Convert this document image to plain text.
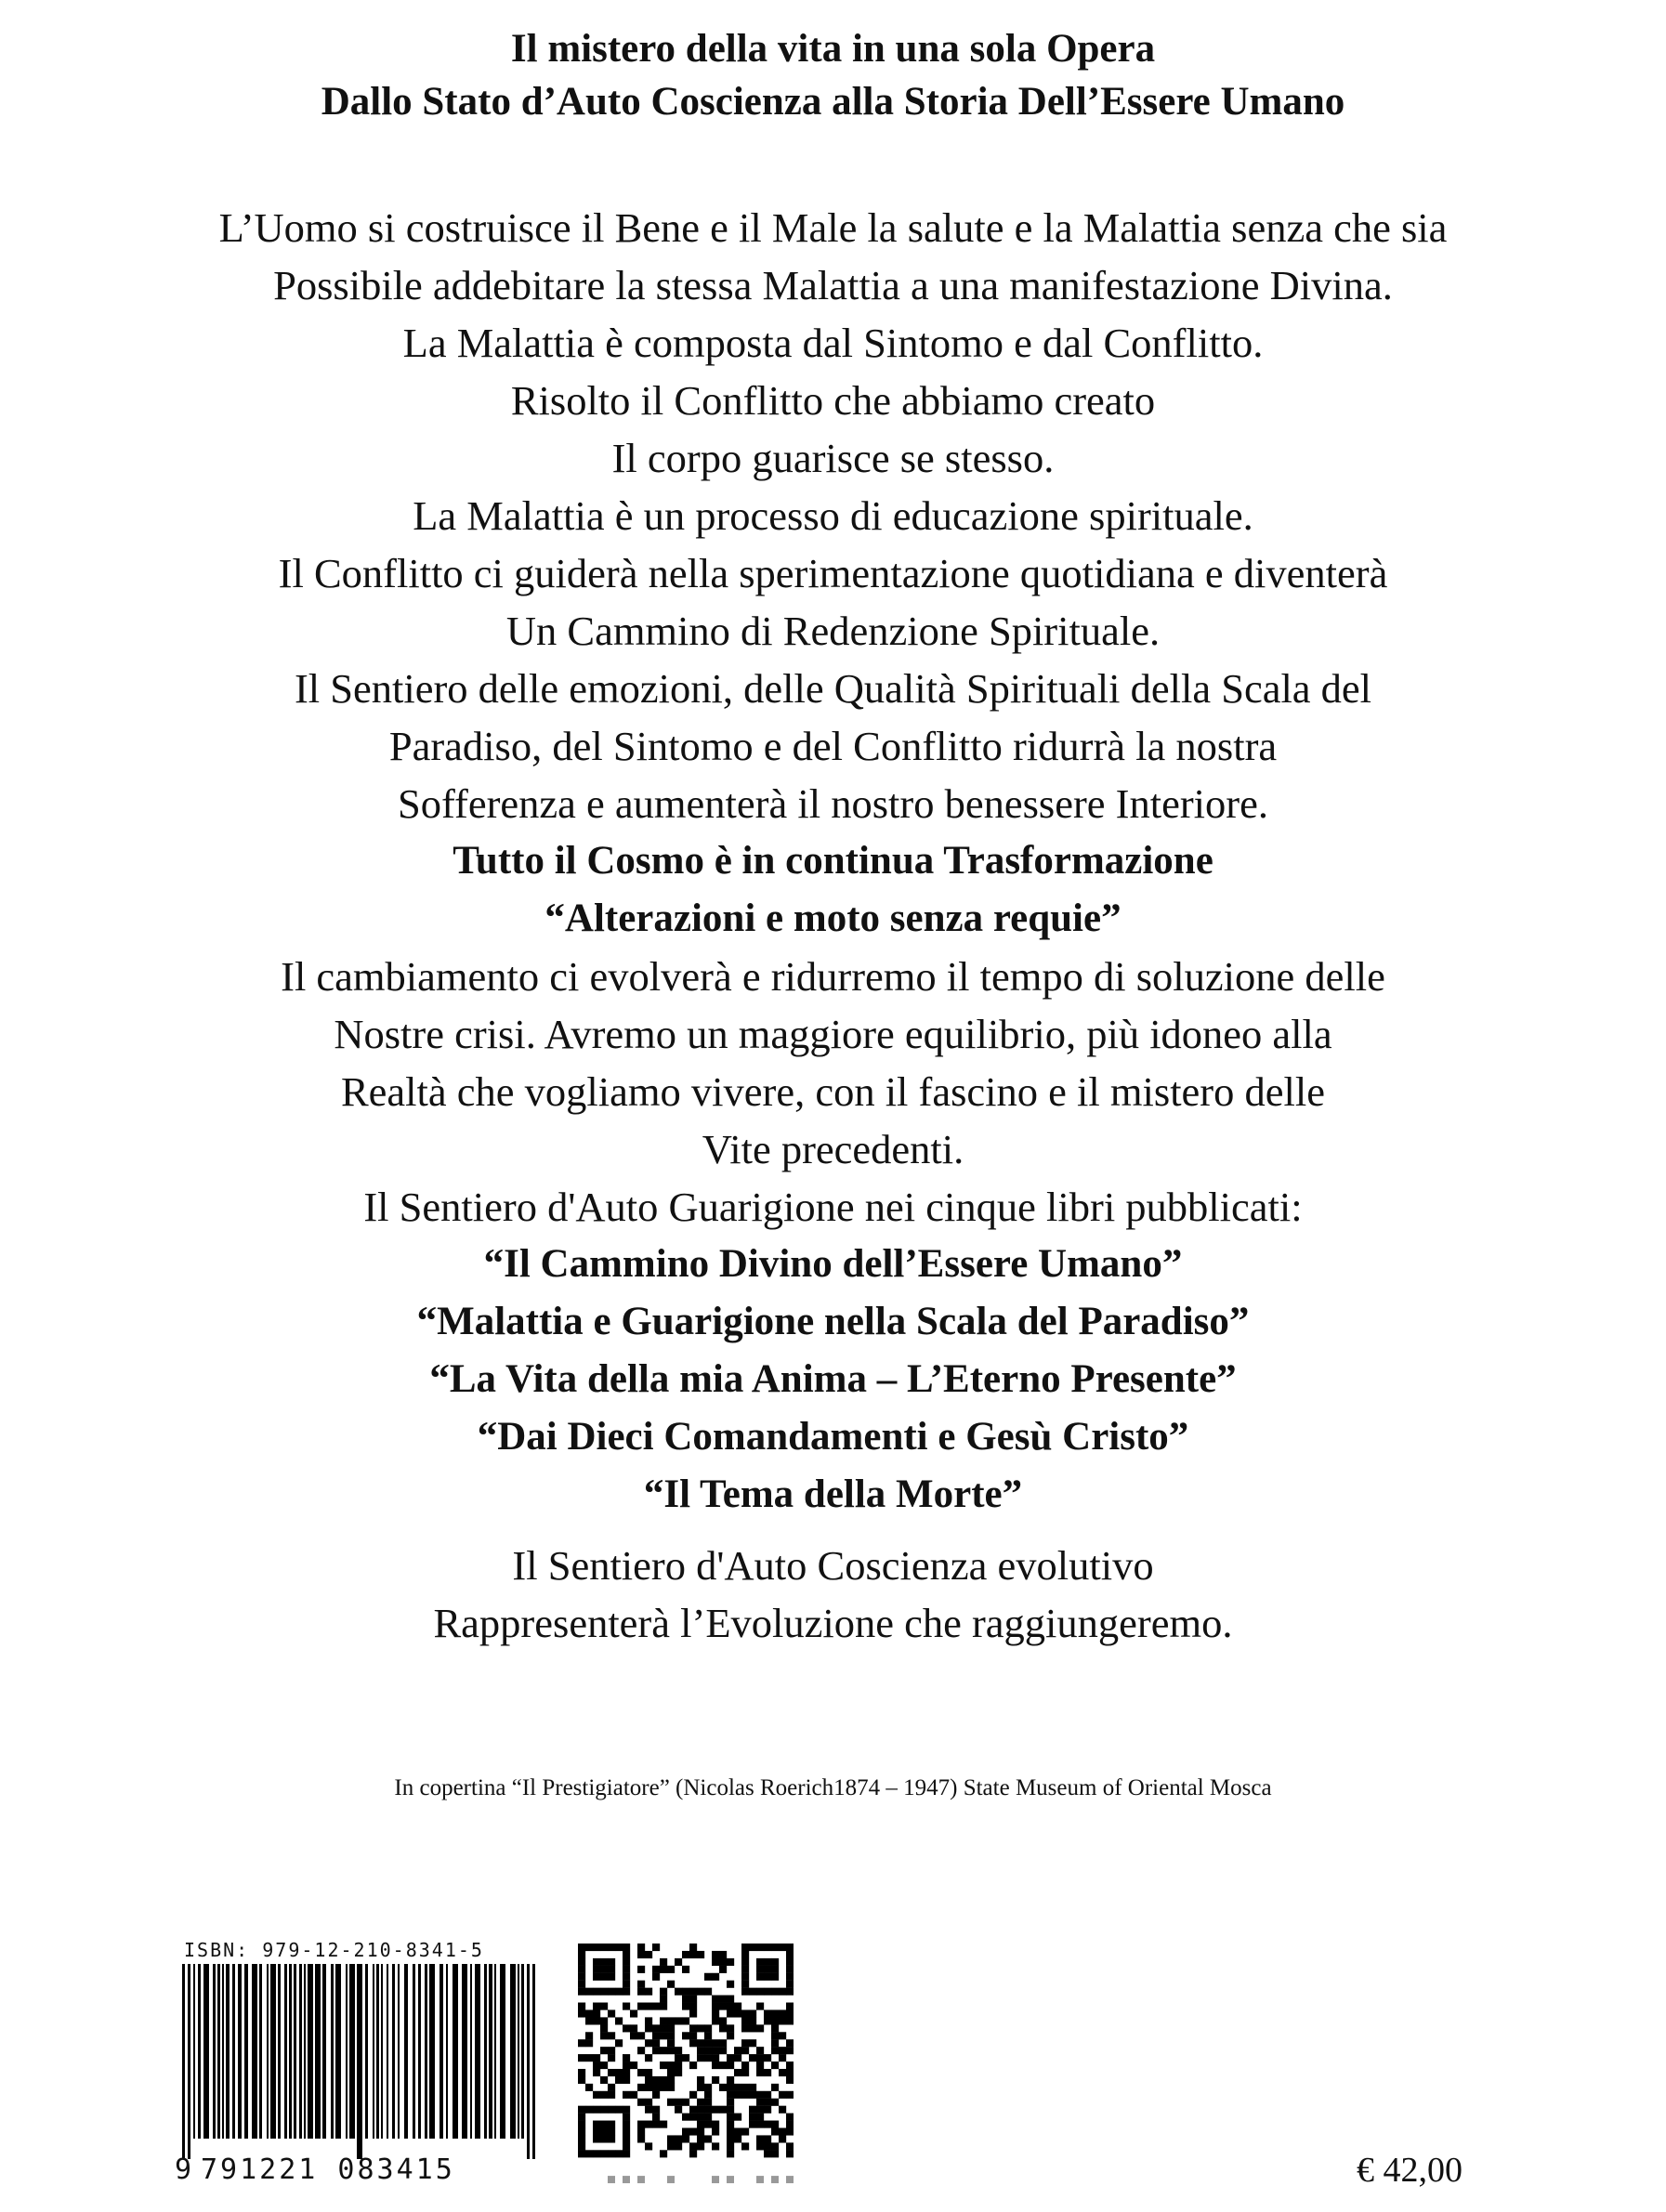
Il mistero della vita in una sola Opera
Dallo Stato d’Auto Coscienza alla Storia Dell’Essere Umano
L’Uomo si costruisce il Bene e il Male la salute e la Malattia senza che sia
Possibile addebitare la stessa Malattia a una manifestazione Divina.
La Malattia è composta dal Sintomo e dal Conflitto.
Risolto il Conflitto che abbiamo creato
Il corpo guarisce se stesso.
La Malattia è un processo di educazione spirituale.
Il Conflitto ci guiderà nella sperimentazione quotidiana e diventerà
Un Cammino di Redenzione Spirituale.
Il Sentiero delle emozioni, delle Qualità Spirituali della Scala del
Paradiso, del Sintomo e del Conflitto ridurrà la nostra
Sofferenza e aumenterà il nostro benessere Interiore.
Tutto il Cosmo è in continua Trasformazione
“Alterazioni e moto senza requie”
Il cambiamento ci evolverà e ridurremo il tempo di soluzione delle
Nostre crisi. Avremo un maggiore equilibrio, più idoneo alla
Realtà che vogliamo vivere, con il fascino e il mistero delle
Vite precedenti.
Il Sentiero d'Auto Guarigione nei cinque libri pubblicati:
“Il Cammino Divino dell’Essere Umano”
“Malattia e Guarigione nella Scala del Paradiso”
“La Vita della mia Anima – L’Eterno Presente”
“Dai Dieci Comandamenti e Gesù Cristo”
“Il Tema della Morte”
Il Sentiero d'Auto Coscienza evolutivo
Rappresenterà l’Evoluzione che raggiungeremo.
In copertina “Il Prestigiatore” (Nicolas Roerich1874 – 1947) State Museum of Oriental Mosca
ISBN: 979-12-210-8341-5
9 791221 083415	€ 42,00
